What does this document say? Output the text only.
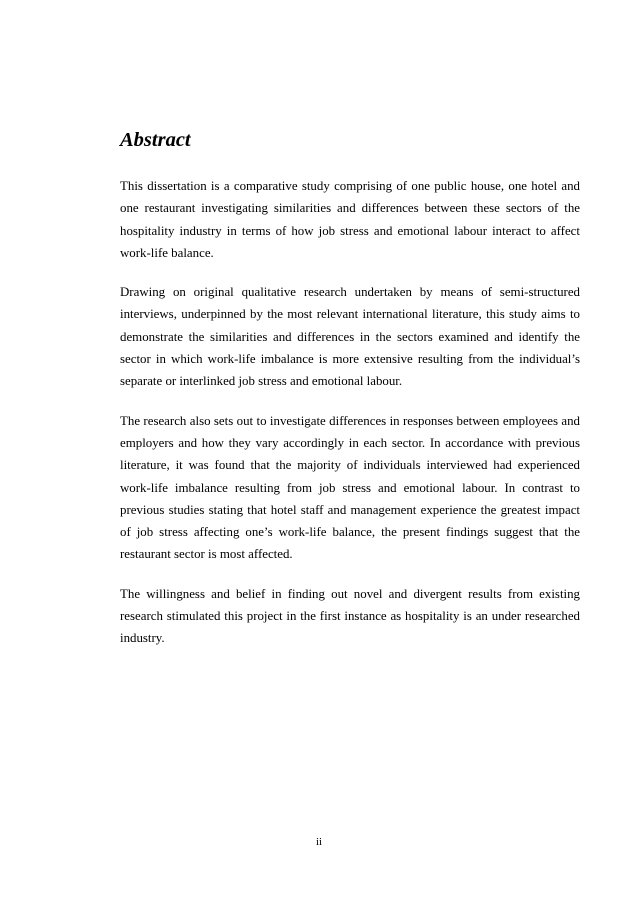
Abstract

This dissertation is a comparative study comprising of one public house, one hotel and one restaurant investigating similarities and differences between these sectors of the hospitality industry in terms of how job stress and emotional labour interact to affect work-life balance.

Drawing on original qualitative research undertaken by means of semi-structured interviews, underpinned by the most relevant international literature, this study aims to demonstrate the similarities and differences in the sectors examined and identify the sector in which work-life imbalance is more extensive resulting from the individual’s separate or interlinked job stress and emotional labour.

The research also sets out to investigate differences in responses between employees and employers and how they vary accordingly in each sector. In accordance with previous literature, it was found that the majority of individuals interviewed had experienced work-life imbalance resulting from job stress and emotional labour. In contrast to previous studies stating that hotel staff and management experience the greatest impact of job stress affecting one’s work-life balance, the present findings suggest that the restaurant sector is most affected.

The willingness and belief in finding out novel and divergent results from existing research stimulated this project in the first instance as hospitality is an under researched industry.

ii
